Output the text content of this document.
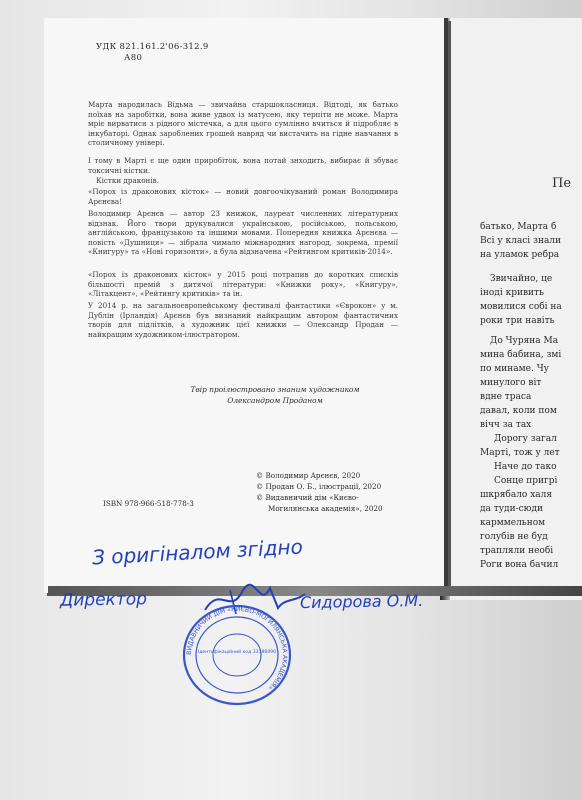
УДК 821.161.2'06-312.9
А80
Марта народилась Відьма — звичайна старшокласниця. Відтоді, як батько поїхав на заробітки, вона живе удвох із матусею, яку терпіти не може. Марта мріє вирватися з рідного містечка, а для цього сумлінно вчиться й підробляє в інкубаторі. Однак зароблених грошей навряд чи вистачить на гідне навчання в столичному універі.
І тому в Марті є ще один приробіток, вона потай знходить, вибирає й збуває токсичні кістки.
Кістки драконів.
«Порох із драконових кісток» — новий довгоочікуваний роман Володимира Арєнєва!
Володимир Арєнєв — автор 23 книжок, лауреат численних літературних відзнак. Його твори друкувалися українською, російською, польською, англійською, французькою та іншими мовами. Попередня книжка Арєнєва — повість «Душниця» — зібрала чимало міжнародних нагород, зокрема, премії «Книгуру» та «Нові горизонти», а була відзначена «Рейтингом критиків-2014».
«Порох із драконових кісток» у 2015 році потрапив до коротких списків більшості премій з дитячої літератури: «Книжки року», «Книгуру», «Літакцент», «Рейтингу критиків» та ін.
У 2014 р. на загальноєвропейському фестивалі фантастики «Єврокон» у м. Дублін (Ірландія) Арєнєв був визнаний найкращим автором фантастичних творів для підлітків, а художник цієї книжки — Олександр Продан — найкращим художником-ілюстратором.
Твір проілюстровано знаним художником
Олександром Проданом
© Володимир Арєнєв, 2020
© Продан О. Б., ілюстрації, 2020
© Видавничий дім «Києво-
Могилянська академія», 2020
ISBN 978-966-518-778-3
Пе
батько, Марта б
Всі у класі знали
на уламок ребра
Звичайно, це
іноді кривить
мовилися собі на
роки три навіть
До Чуряна Ма
мина бабина, змі
по минаме. Чу
минулого віт
вдне траса
давал, коли пом
вічч за тах
Дорогу загал
Марті, тож у лет
Наче до тако
Сонце пригрі
шкрябало халя
да туди-сюди
карммельном
голубів не буд
трапляли необі
Роги вона бачил
З оригіналом згідно
Директор	Сидорова О.М.
ВИДАВНИЧИЙ ДІМ «КИЄВО-МОГИЛЯНСЬКА АКАДЕМІЯ»
Ідентифікаційний код 33196090
